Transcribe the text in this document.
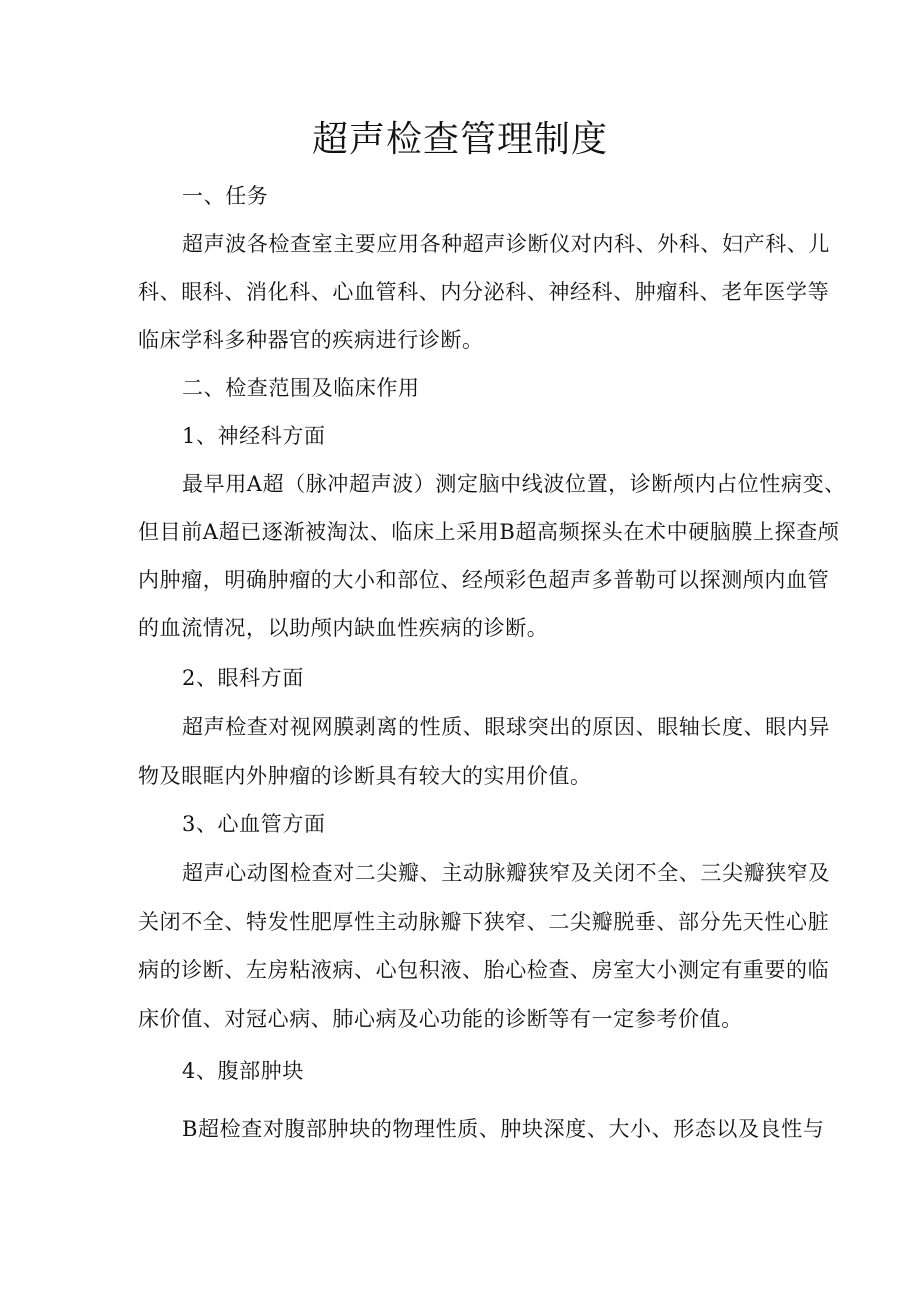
超声检查管理制度
一、任务
超声波各检查室主要应用各种超声诊断仪对内科、外科、妇产科、儿
科、眼科、消化科、心血管科、内分泌科、神经科、肿瘤科、老年医学等
临床学科多种器官的疾病进行诊断。
二、检查范围及临床作用
1、神经科方面
最早用A超（脉冲超声波）测定脑中线波位置，诊断颅内占位性病变、
但目前A超已逐渐被淘汰、临床上采用B超高频探头在术中硬脑膜上探查颅
内肿瘤，明确肿瘤的大小和部位、经颅彩色超声多普勒可以探测颅内血管
的血流情况，以助颅内缺血性疾病的诊断。
2、眼科方面
超声检查对视网膜剥离的性质、眼球突出的原因、眼轴长度、眼内异
物及眼眶内外肿瘤的诊断具有较大的实用价值。
3、心血管方面
超声心动图检查对二尖瓣、主动脉瓣狭窄及关闭不全、三尖瓣狭窄及
关闭不全、特发性肥厚性主动脉瓣下狭窄、二尖瓣脱垂、部分先天性心脏
病的诊断、左房粘液病、心包积液、胎心检查、房室大小测定有重要的临
床价值、对冠心病、肺心病及心功能的诊断等有一定参考价值。
4、腹部肿块
B超检查对腹部肿块的物理性质、肿块深度、大小、形态以及良性与
